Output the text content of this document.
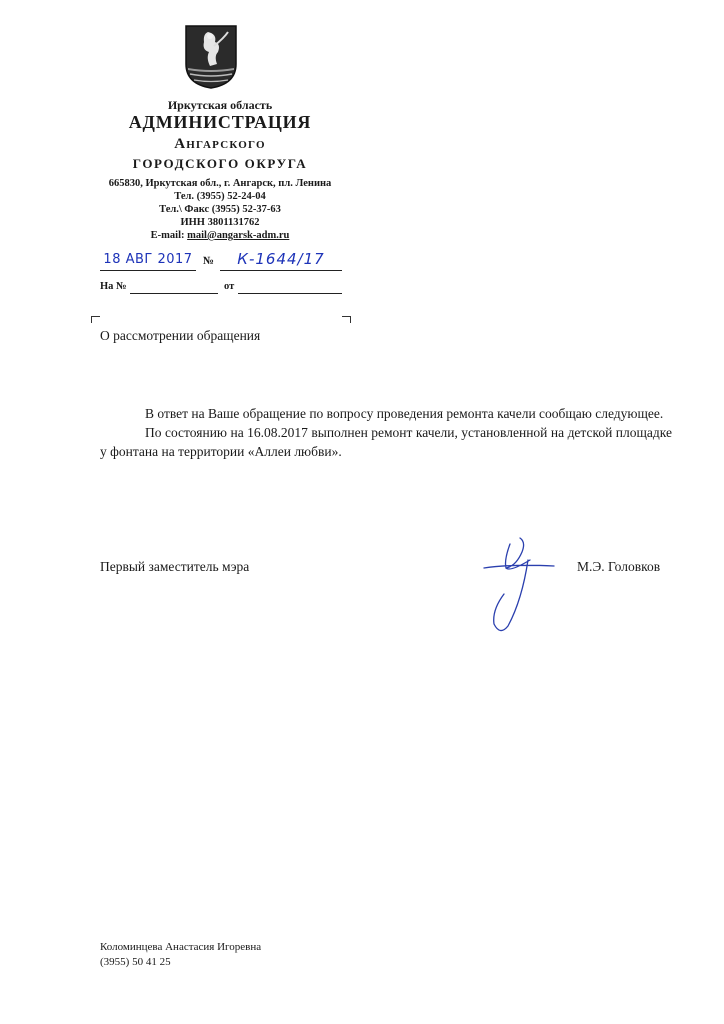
Иркутская область
АДМИНИСТРАЦИЯ
Ангарского
ГОРОДСКОГО ОКРУГА
665830, Иркутская обл., г. Ангарск, пл. Ленина
Тел. (3955) 52-24-04
Тел.\ Факс (3955) 52-37-63
ИНН 3801131762
E-mail: mail@angarsk-adm.ru
18 АВГ 2017 №	К-1644/17
На №	от
О рассмотрении обращения

В ответ на Ваше обращение по вопросу проведения ремонта качели сообщаю следующее.

По состоянию на 16.08.2017 выполнен ремонт качели, установленной на детской площадке у фонтана на территории «Аллеи любви».

Первый заместитель мэра	М.Э. Головков
Коломинцева Анастасия Игоревна
(3955) 50 41 25
